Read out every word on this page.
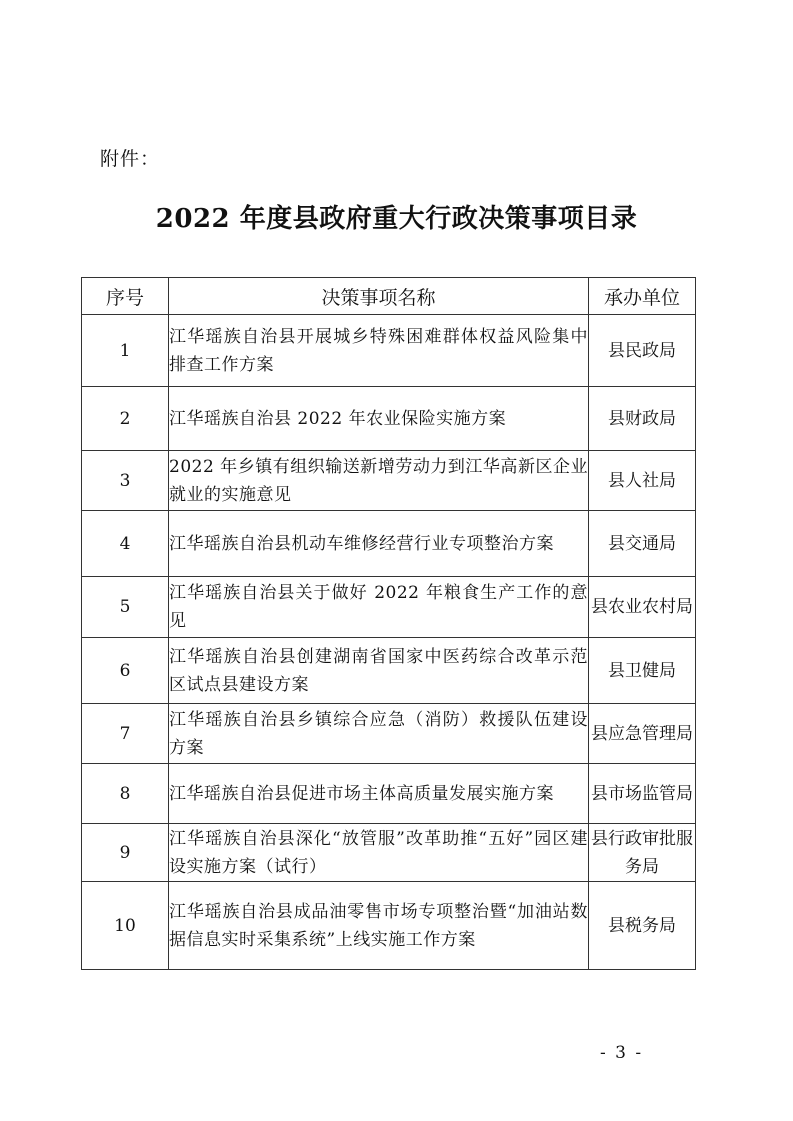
附件：
2022 年度县政府重大行政决策事项目录
序号	决策事项名称	承办单位
1	江华瑶族自治县开展城乡特殊困难群体权益风险集中排查工作方案	县民政局
2	江华瑶族自治县 2022 年农业保险实施方案	县财政局
3	2022 年乡镇有组织输送新增劳动力到江华高新区企业就业的实施意见	县人社局
4	江华瑶族自治县机动车维修经营行业专项整治方案	县交通局
5	江华瑶族自治县关于做好 2022 年粮食生产工作的意见	县农业农村局
6	江华瑶族自治县创建湖南省国家中医药综合改革示范区试点县建设方案	县卫健局
7	江华瑶族自治县乡镇综合应急（消防）救援队伍建设方案	县应急管理局
8	江华瑶族自治县促进市场主体高质量发展实施方案	县市场监管局
9	江华瑶族自治县深化“放管服”改革助推“五好”园区建设实施方案（试行）	县行政审批服务局
10	江华瑶族自治县成品油零售市场专项整治暨“加油站数据信息实时采集系统”上线实施工作方案	县税务局
- 3 -
